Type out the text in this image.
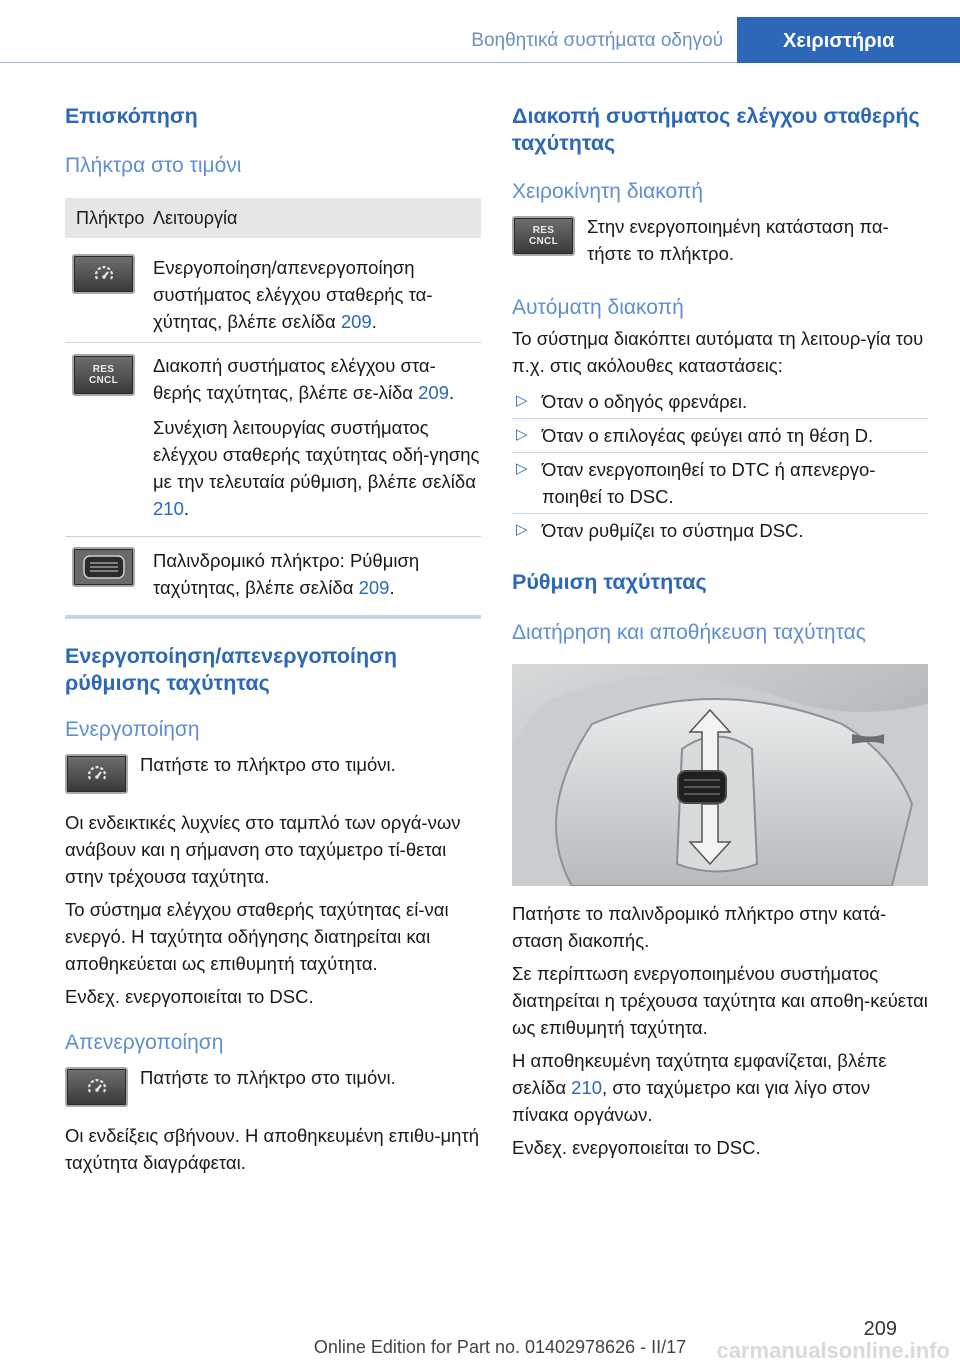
Βοηθητικά συστήματα οδηγού	Χειριστήρια
Επισκόπηση
Πλήκτρα στο τιμόνι
Πλήκτρο Λειτουργία
Ενεργοποίηση/απενεργοποίηση συστήματος ελέγχου σταθερής τα-χύτητας, βλέπε σελίδα 209.
RES
CNCL
Διακοπή συστήματος ελέγχου στα-θερής ταχύτητας, βλέπε σε-λίδα 209.
Συνέχιση λειτουργίας συστήματος ελέγχου σταθερής ταχύτητας οδή-γησης με την τελευταία ρύθμιση, βλέπε σελίδα 210.
Παλινδρομικό πλήκτρο: Ρύθμιση ταχύτητας, βλέπε σελίδα 209.
Ενεργοποίηση/απενεργοποίηση ρύθμισης ταχύτητας
Ενεργοποίηση

Πατήστε το πλήκτρο στο τιμόνι.

Οι ενδεικτικές λυχνίες στο ταμπλό των οργά-νων ανάβουν και η σήμανση στο ταχύμετρο τί-θεται στην τρέχουσα ταχύτητα.

Το σύστημα ελέγχου σταθερής ταχύτητας εί-ναι ενεργό. Η ταχύτητα οδήγησης διατηρείται και αποθηκεύεται ως επιθυμητή ταχύτητα.

Ενδεχ. ενεργοποιείται το DSC.

Απενεργοποίηση

Πατήστε το πλήκτρο στο τιμόνι.

Οι ενδείξεις σβήνουν. Η αποθηκευμένη επιθυ-μητή ταχύτητα διαγράφεται.

Διακοπή συστήματος ελέγχου σταθερής ταχύτητας
Χειροκίνητη διακοπή
RES
CNCL

Στην ενεργοποιημένη κατάσταση πα-τήστε το πλήκτρο.

Αυτόματη διακοπή

Το σύστημα διακόπτει αυτόματα τη λειτουρ-γία του π.χ. στις ακόλουθες καταστάσεις:

▷ Όταν ο οδηγός φρενάρει.
▷ Όταν ο επιλογέας φεύγει από τη θέση D.
▷ Όταν ενεργοποιηθεί το DTC ή απενεργο-ποιηθεί το DSC.
▷ Όταν ρυθμίζει το σύστημα DSC.
Ρύθμιση ταχύτητας
Διατήρηση και αποθήκευση ταχύτητας

Πατήστε το παλινδρομικό πλήκτρο στην κατά-σταση διακοπής.

Σε περίπτωση ενεργοποιημένου συστήματος διατηρείται η τρέχουσα ταχύτητα και αποθη-κεύεται ως επιθυμητή ταχύτητα.

Η αποθηκευμένη ταχύτητα εμφανίζεται, βλέπε σελίδα 210, στο ταχύμετρο και για λίγο στον πίνακα οργάνων.

Ενδεχ. ενεργοποιείται το DSC.

209
Online Edition for Part no. 01402978626 - II/17	carmanualsonline.info
